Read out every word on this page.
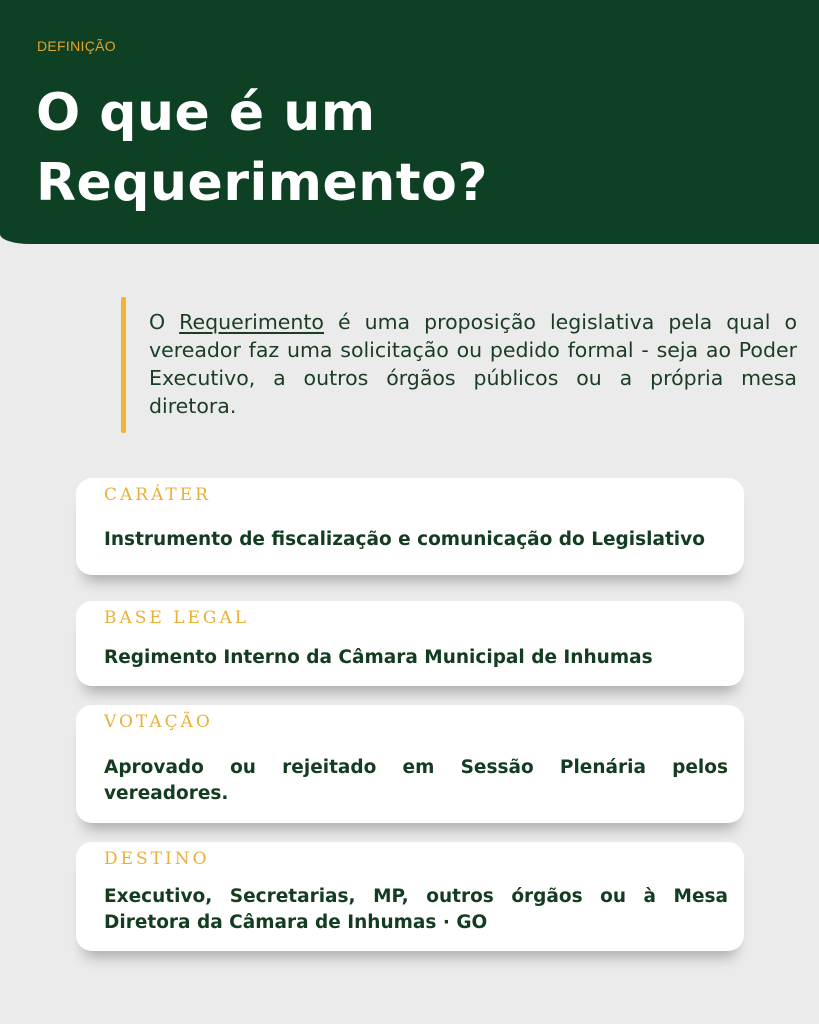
DEFINIÇÃO
O que é um
Requerimento?
O Requerimento é uma proposição legislativa pela qual o vereador faz uma solicitação ou pedido formal - seja ao Poder Executivo, a outros órgãos públicos ou a própria mesa diretora.
CARÁTER
Instrumento de fiscalização e comunicação do Legislativo
BASE LEGAL
Regimento Interno da Câmara Municipal de Inhumas
VOTAÇÃO
Aprovado ou rejeitado em Sessão Plenária pelos vereadores.
DESTINO
Executivo, Secretarias, MP, outros órgãos ou à Mesa Diretora da Câmara de Inhumas · GO
